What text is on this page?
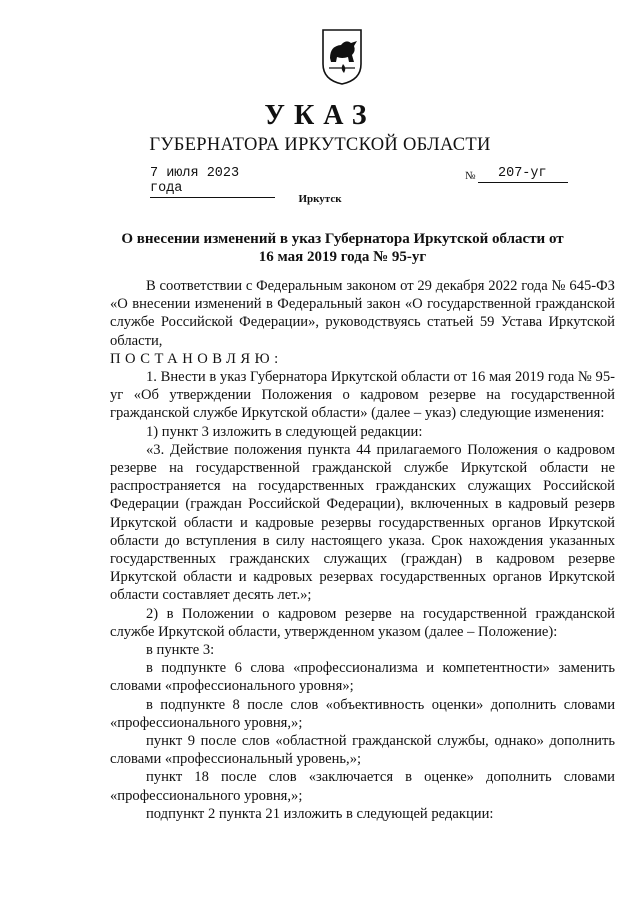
УКАЗ
ГУБЕРНАТОРА ИРКУТСКОЙ ОБЛАСТИ
7 июля 2023 года
№	207-уг
Иркутск
О внесении изменений в указ Губернатора Иркутской области от
16 мая 2019 года № 95-уг

В соответствии с Федеральным законом от 29 декабря 2022 года № 645-ФЗ «О внесении изменений в Федеральный закон «О государственной гражданской службе Российской Федерации», руководствуясь статьей 59 Устава Иркутской области,

ПОСТАНОВЛЯЮ:

1. Внести в указ Губернатора Иркутской области от 16 мая 2019 года № 95-уг «Об утверждении Положения о кадровом резерве на государственной гражданской службе Иркутской области» (далее – указ) следующие изменения:

1) пункт 3 изложить в следующей редакции:

«3. Действие положения пункта 44 прилагаемого Положения о кадровом резерве на государственной гражданской службе Иркутской области не распространяется на государственных гражданских служащих Российской Федерации (граждан Российской Федерации), включенных в кадровый резерв Иркутской области и кадровые резервы государственных органов Иркутской области до вступления в силу настоящего указа. Срок нахождения указанных государственных гражданских служащих (граждан) в кадровом резерве Иркутской области и кадровых резервах государственных органов Иркутской области составляет десять лет.»;

2) в Положении о кадровом резерве на государственной гражданской службе Иркутской области, утвержденном указом (далее – Положение):

в пункте 3:

в подпункте 6 слова «профессионализма и компетентности» заменить словами «профессионального уровня»;

в подпункте 8 после слов «объективность оценки» дополнить словами «профессионального уровня,»;

пункт 9 после слов «областной гражданской службы, однако» дополнить словами «профессиональный уровень,»;

пункт 18 после слов «заключается в оценке» дополнить словами «профессионального уровня,»;

подпункт 2 пункта 21 изложить в следующей редакции:
